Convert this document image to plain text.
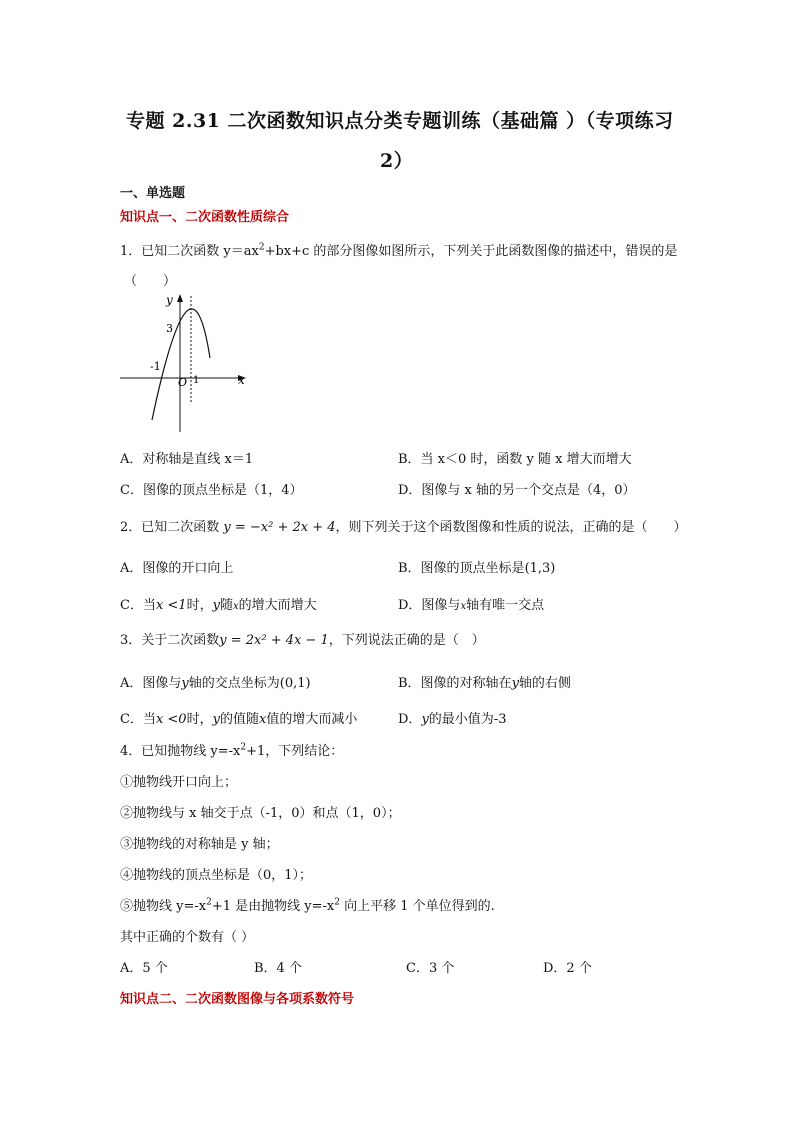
专题 2.31 二次函数知识点分类专题训练（基础篇 ）（专项练习
2）
一、单选题
知识点一、二次函数性质综合
1．已知二次函数 $y=ax^2+bx+c$ 的部分图像如图所示，下列关于此函数图像的描述中，错误的是
（　　）
y
x
O
3
-1
1
A．对称轴是直线 x＝1	B．当 x＜0 时，函数 y 随 x 增大而增大
C．图像的顶点坐标是（1，4）	D．图像与 x 轴的另一个交点是（4，0）
2．已知二次函数 y = −x² + 2x + 4，则下列关于这个函数图像和性质的说法，正确的是（　　）
A．图像的开口向上	B．图像的顶点坐标是(1,3)
C．当x <1时，y随x的增大而增大	D．图像与x轴有唯一交点
3．关于二次函数y = 2x² + 4x − 1，下列说法正确的是（　）
A．图像与y轴的交点坐标为(0,1)	B．图像的对称轴在y轴的右侧
C．当x <0时，y的值随x值的增大而减小	D．y的最小值为-3
4．已知抛物线 $y=-x^2+1$，下列结论：
①抛物线开口向上；
②抛物线与 x 轴交于点（-1，0）和点（1，0）；
③抛物线的对称轴是 y 轴；
④抛物线的顶点坐标是（0，1）；
⑤抛物线 $y=-x^2+1$ 是由抛物线 $y=-x^2$ 向上平移 1 个单位得到的.
其中正确的个数有（ ）
A．5 个	B．4 个	C．3 个	D．2 个
知识点二、二次函数图像与各项系数符号
